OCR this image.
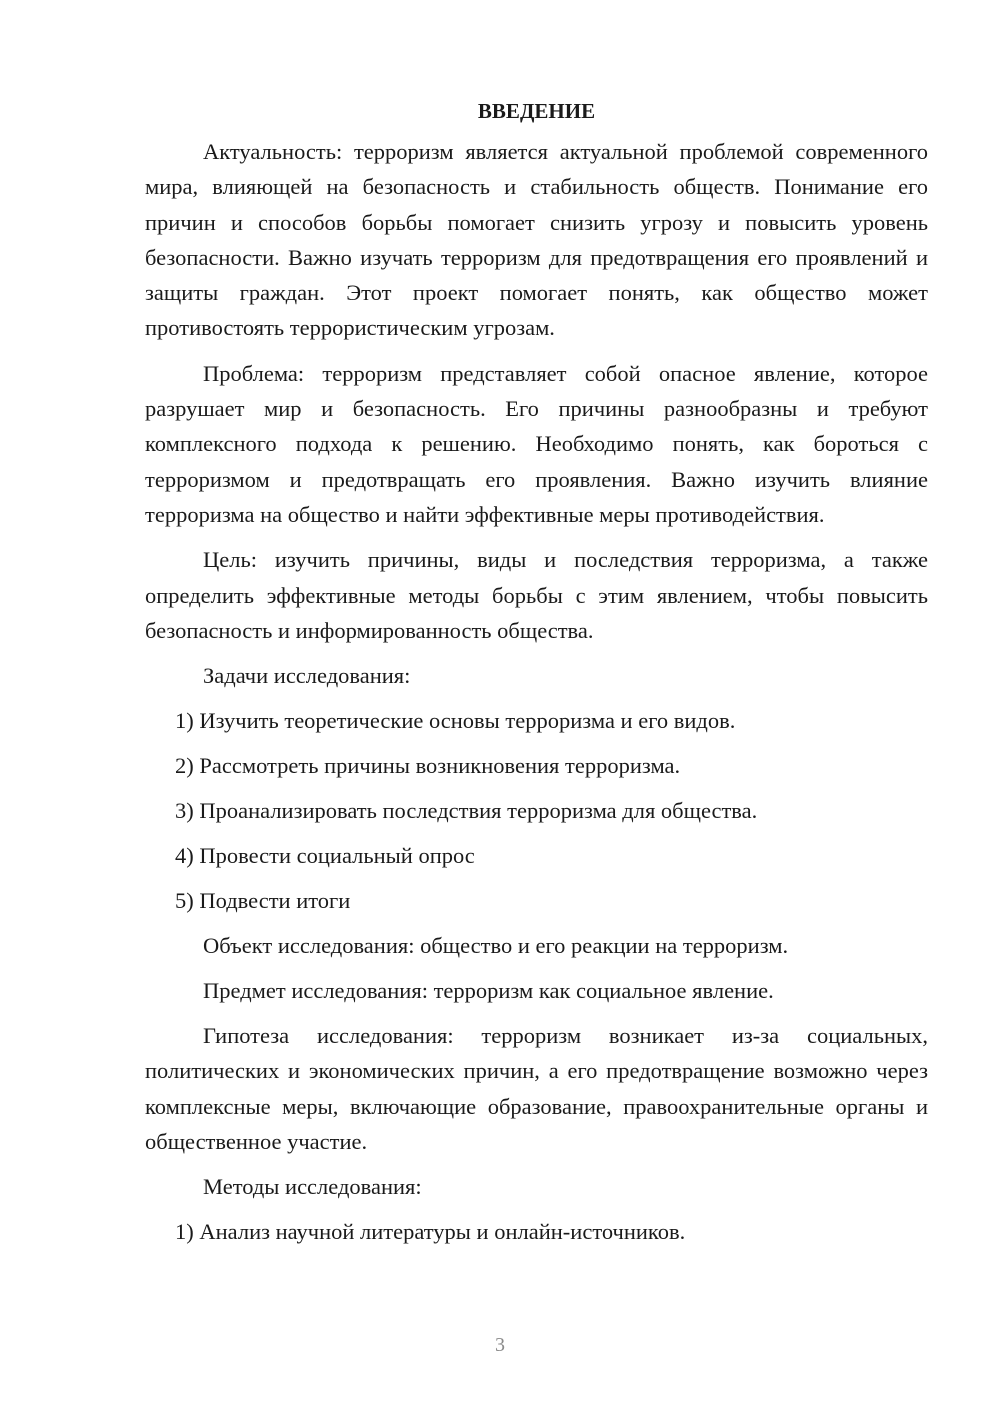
ВВЕДЕНИЕ

Актуальность: терроризм является актуальной проблемой современного мира, влияющей на безопасность и стабильность обществ. Понимание его причин и способов борьбы помогает снизить угрозу и повысить уровень безопасности. Важно изучать терроризм для предотвращения его проявлений и защиты граждан. Этот проект помогает понять, как общество может противостоять террористическим угрозам.

Проблема: терроризм представляет собой опасное явление, которое разрушает мир и безопасность. Его причины разнообразны и требуют комплексного подхода к решению. Необходимо понять, как бороться с терроризмом и предотвращать его проявления. Важно изучить влияние терроризма на общество и найти эффективные меры противодействия.

Цель: изучить причины, виды и последствия терроризма, а также определить эффективные методы борьбы с этим явлением, чтобы повысить безопасность и информированность общества.

Задачи исследования:

1) Изучить теоретические основы терроризма и его видов.

2) Рассмотреть причины возникновения терроризма.

3) Проанализировать последствия терроризма для общества.

4) Провести социальный опрос

5) Подвести итоги

Объект исследования: общество и его реакции на терроризм.

Предмет исследования: терроризм как социальное явление.

Гипотеза исследования: терроризм возникает из-за социальных, политических и экономических причин, а его предотвращение возможно через комплексные меры, включающие образование, правоохранительные органы и общественное участие.

Методы исследования:

1) Анализ научной литературы и онлайн-источников.

3
